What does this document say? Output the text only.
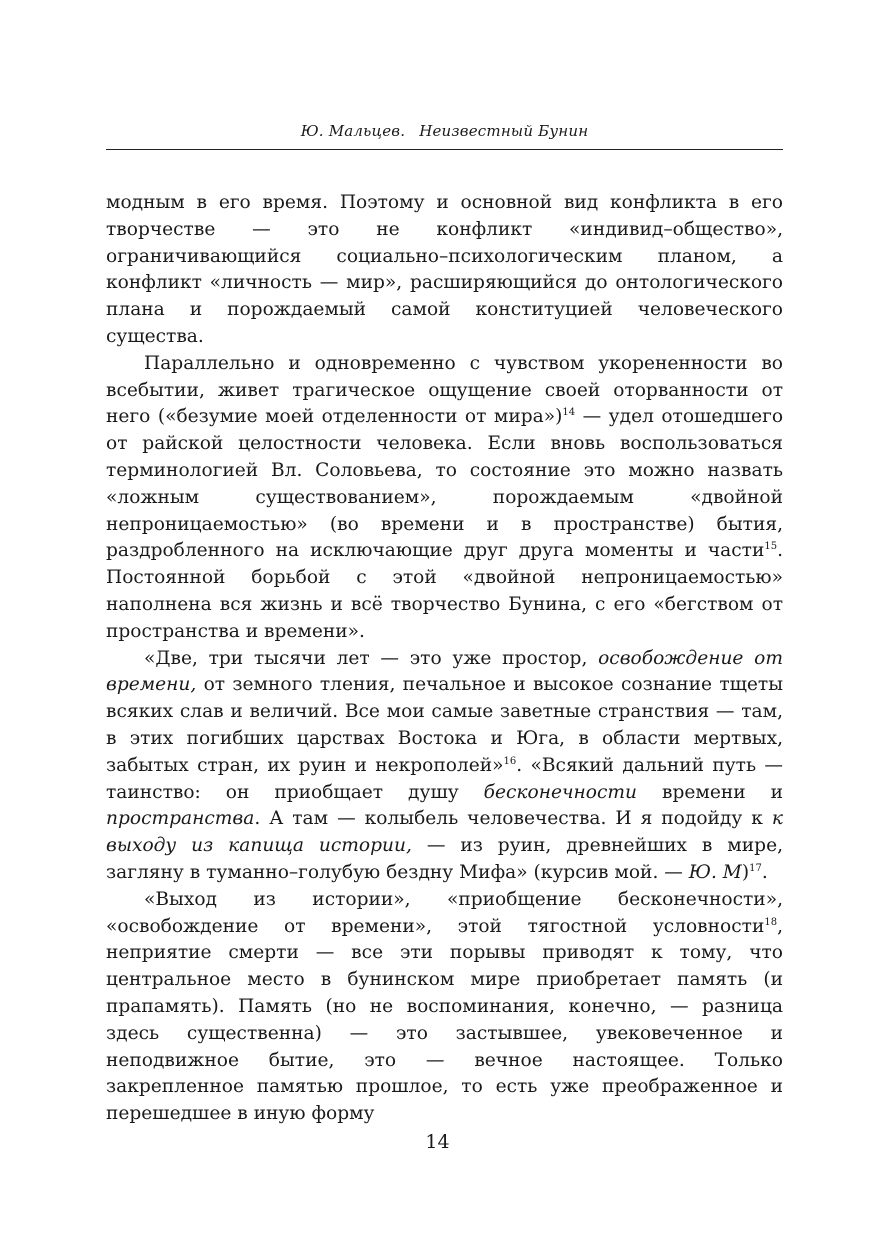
Ю. Мальцев. Неизвестный Бунин

модным в его время. Поэтому и основной вид конфликта в его творчестве — это не конфликт «индивид–общество», ограничивающийся социально–психологическим планом, а конфликт «личность — мир», расширяющийся до онтологического плана и порождаемый самой конституцией человеческого существа.

Параллельно и одновременно с чувством укорененности во всебытии, живет трагическое ощущение своей оторванности от него («безумие моей отделенности от мира»)$^{14}$ — удел отошедшего от райской целостности человека. Если вновь воспользоваться терминологией Вл. Соловьева, то состояние это можно назвать «ложным существованием», порождаемым «двойной непроницаемостью» (во времени и в пространстве) бытия, раздробленного на исключающие друг друга моменты и части$^{15}$. Постоянной борьбой с этой «двойной непроницаемостью» наполнена вся жизнь и всё творчество Бунина, с его «бегством от пространства и времени».

«Две, три тысячи лет — это уже простор, освобождение от времени, от земного тления, печальное и высокое сознание тщеты всяких слав и величий. Все мои самые заветные странствия — там, в этих погибших царствах Востока и Юга, в области мертвых, забытых стран, их руин и некрополей»$^{16}$. «Всякий дальний путь — таинство: он приобщает душу бесконечности времени и пространства. А там — колыбель человечества. И я подойду к к выходу из капища истории, — из руин, древнейших в мире, загляну в туманно–голубую бездну Мифа» (курсив мой. — Ю. М)$^{17}$.

«Выход из истории», «приобщение бесконечности», «освобождение от времени», этой тягостной условности$^{18}$, неприятие смерти — все эти порывы приводят к тому, что центральное место в бунинском мире приобретает память (и прапамять). Память (но не воспоминания, конечно, — разница здесь существенна) — это застывшее, увековеченное и неподвижное бытие, это — вечное настоящее. Только закрепленное памятью прошлое, то есть уже преображенное и перешедшее в иную форму

14
